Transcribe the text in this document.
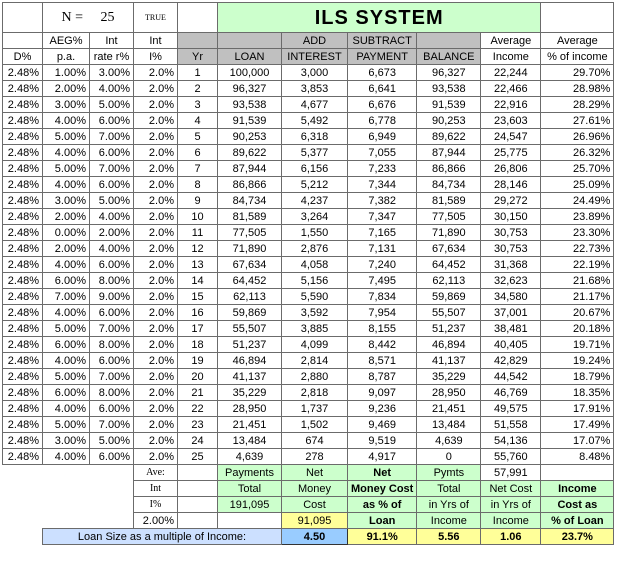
	N = 25		TRUE		ILS SYSTEM					
	AEG%	Int	Int			ADD	SUBTRACT		Average	Average
D%	p.a.	rate r%	I%	Yr	LOAN	INTEREST	PAYMENT	BALANCE	Income	% of income
2.48%	1.00%	3.00%	2.0%	1	100,000	3,000	6,673	96,327	22,244	29.70%
2.48%	2.00%	4.00%	2.0%	2	96,327	3,853	6,641	93,538	22,466	28.98%
2.48%	3.00%	5.00%	2.0%	3	93,538	4,677	6,676	91,539	22,916	28.29%
2.48%	4.00%	6.00%	2.0%	4	91,539	5,492	6,778	90,253	23,603	27.61%
2.48%	5.00%	7.00%	2.0%	5	90,253	6,318	6,949	89,622	24,547	26.96%
2.48%	4.00%	6.00%	2.0%	6	89,622	5,377	7,055	87,944	25,775	26.32%
2.48%	5.00%	7.00%	2.0%	7	87,944	6,156	7,233	86,866	26,806	25.70%
2.48%	4.00%	6.00%	2.0%	8	86,866	5,212	7,344	84,734	28,146	25.09%
2.48%	3.00%	5.00%	2.0%	9	84,734	4,237	7,382	81,589	29,272	24.49%
2.48%	2.00%	4.00%	2.0%	10	81,589	3,264	7,347	77,505	30,150	23.89%
2.48%	0.00%	2.00%	2.0%	11	77,505	1,550	7,165	71,890	30,753	23.30%
2.48%	2.00%	4.00%	2.0%	12	71,890	2,876	7,131	67,634	30,753	22.73%
2.48%	4.00%	6.00%	2.0%	13	67,634	4,058	7,240	64,452	31,368	22.19%
2.48%	6.00%	8.00%	2.0%	14	64,452	5,156	7,495	62,113	32,623	21.68%
2.48%	7.00%	9.00%	2.0%	15	62,113	5,590	7,834	59,869	34,580	21.17%
2.48%	4.00%	6.00%	2.0%	16	59,869	3,592	7,954	55,507	37,001	20.67%
2.48%	5.00%	7.00%	2.0%	17	55,507	3,885	8,155	51,237	38,481	20.18%
2.48%	6.00%	8.00%	2.0%	18	51,237	4,099	8,442	46,894	40,405	19.71%
2.48%	4.00%	6.00%	2.0%	19	46,894	2,814	8,571	41,137	42,829	19.24%
2.48%	5.00%	7.00%	2.0%	20	41,137	2,880	8,787	35,229	44,542	18.79%
2.48%	6.00%	8.00%	2.0%	21	35,229	2,818	9,097	28,950	46,769	18.35%
2.48%	4.00%	6.00%	2.0%	22	28,950	1,737	9,236	21,451	49,575	17.91%
2.48%	5.00%	7.00%	2.0%	23	21,451	1,502	9,469	13,484	51,558	17.49%
2.48%	3.00%	5.00%	2.0%	24	13,484	674	9,519	4,639	54,136	17.07%
2.48%	4.00%	6.00%	2.0%	25	4,639	278	4,917	0	55,760	8.48%
			Ave:		Payments	Net	Net	Pymts	57,991	
			Int		Total	Money	Money Cost	Total	Net Cost	Income
			I%		191,095	Cost	as % of	in Yrs of	in Yrs of	Cost as
			2.00%			91,095	Loan	Income	Income	% of Loan
	Loan Size as a multiple of Income:					4.50	91.1%	5.56	1.06	23.7%
